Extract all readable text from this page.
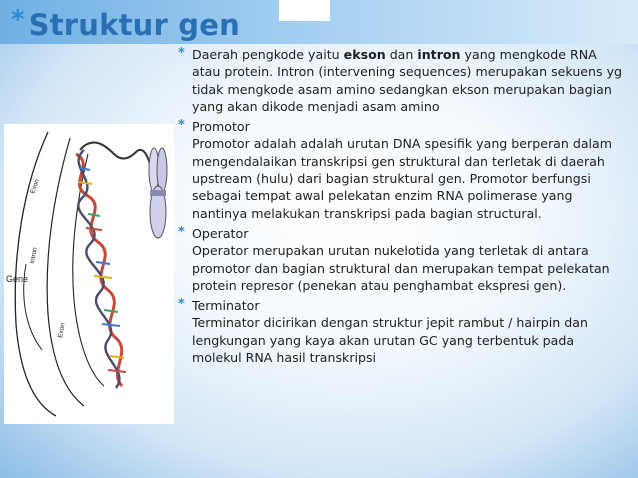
* Struktur gen
Exon
Intron
Gene
Exon
* Daerah pengkode yaitu ekson dan intron yang mengkode RNA atau protein. Intron (intervening sequences) merupakan sekuens yg tidak mengkode asam amino sedangkan ekson merupakan bagian yang akan dikode menjadi asam amino
* Promotor
Promotor adalah adalah urutan DNA spesifik yang berperan dalam mengendalaikan transkripsi gen struktural dan terletak di daerah upstream (hulu) dari bagian struktural gen. Promotor berfungsi sebagai tempat awal pelekatan enzim RNA polimerase yang nantinya melakukan transkripsi pada bagian structural.
* Operator
Operator merupakan urutan nukelotida yang terletak di antara promotor dan bagian struktural dan merupakan tempat pelekatan protein represor (penekan atau penghambat ekspresi gen).
* Terminator
Terminator dicirikan dengan struktur jepit rambut / hairpin dan lengkungan yang kaya akan urutan GC yang terbentuk pada molekul RNA hasil transkripsi
